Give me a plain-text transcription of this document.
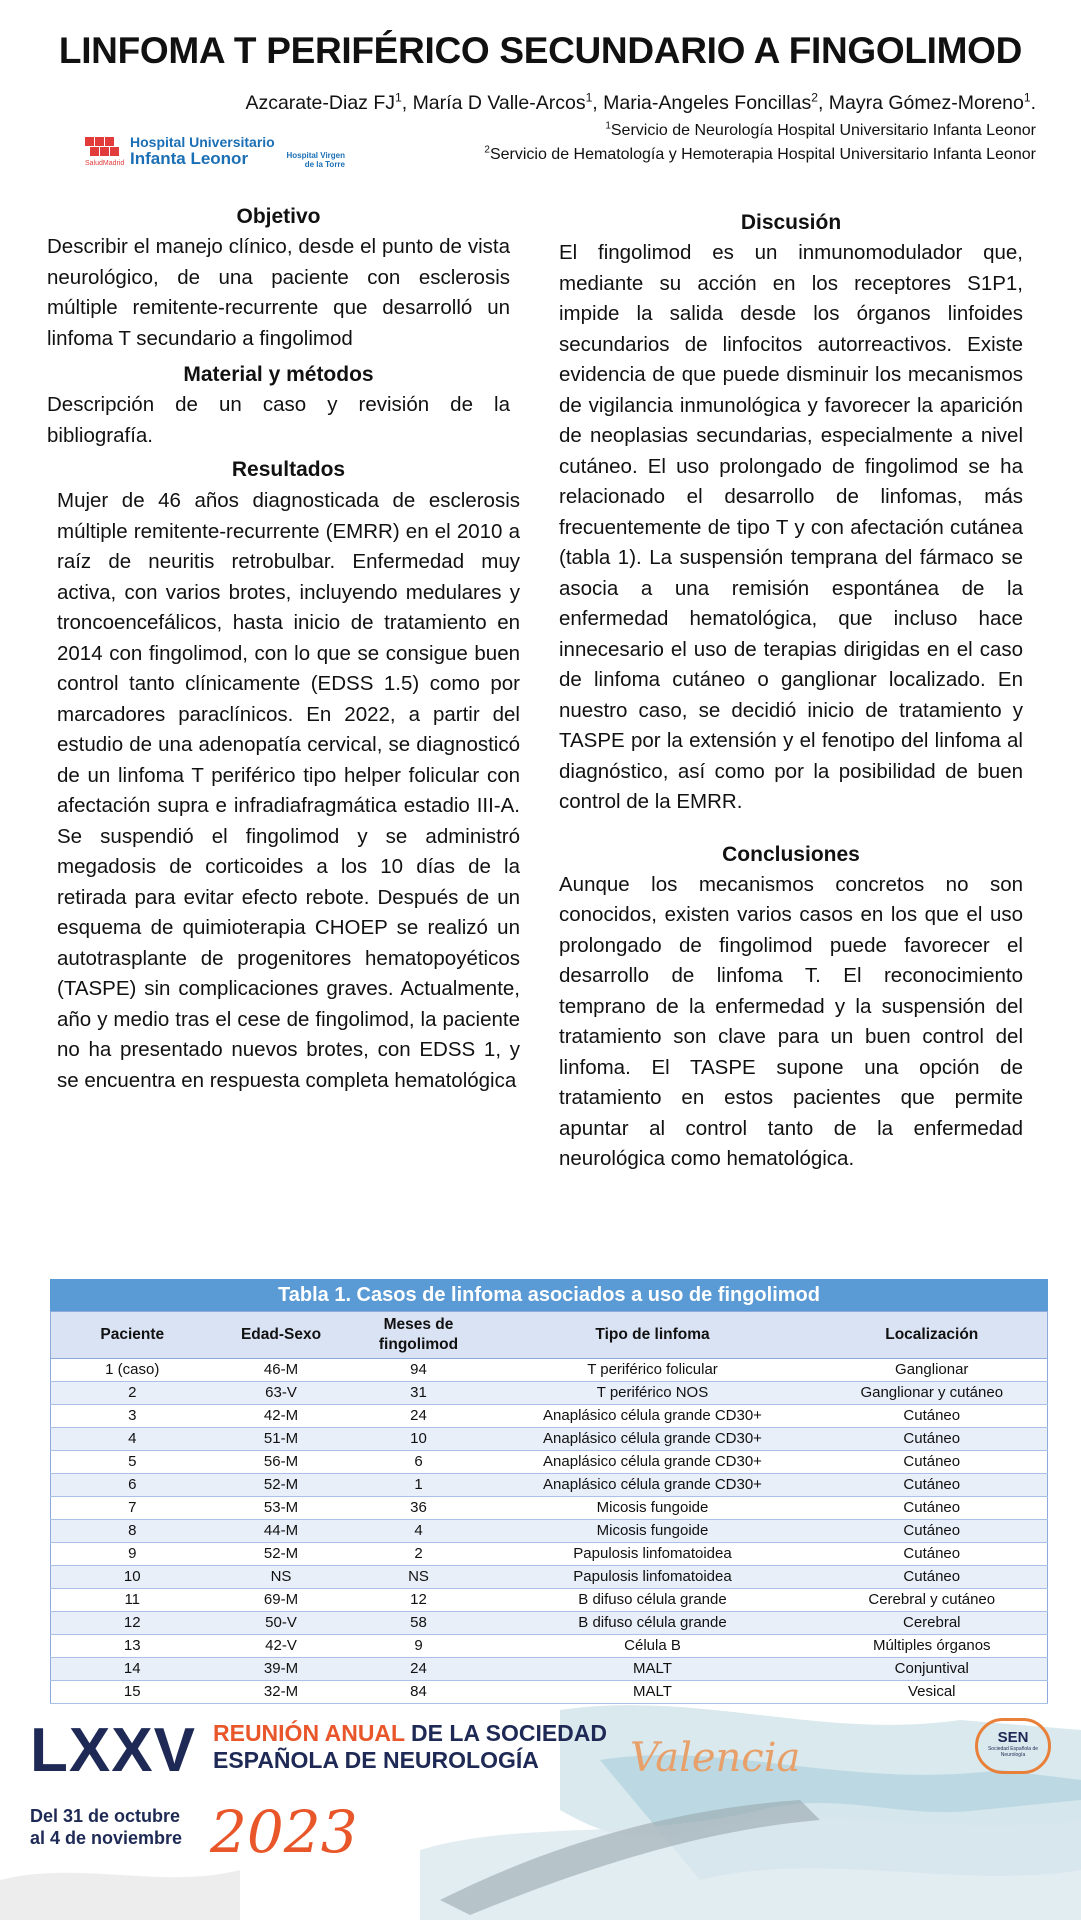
LINFOMA T PERIFÉRICO SECUNDARIO A FINGOLIMOD
Azcarate-Diaz $FJ^1$, María D Valle-Arcos$^1$, Maria-Angeles Foncillas$^2$, Mayra Gómez-Moreno$^1$.
$^1$Servicio de Neurología Hospital Universitario Infanta Leonor
$^2$Servicio de Hematología y Hemoterapia Hospital Universitario Infanta Leonor
SaludMadrid
Hospital Universitario
Infanta Leonor	Hospital Virgen de la Torre
Objetivo

Describir el manejo clínico, desde el punto de vista neurológico, de una paciente con esclerosis múltiple remitente-recurrente que desarrolló un linfoma T secundario a fingolimod

Material y métodos

Descripción de un caso y revisión de la bibliografía.

Resultados

Mujer de 46 años diagnosticada de esclerosis múltiple remitente-recurrente (EMRR) en el 2010 a raíz de neuritis retrobulbar. Enfermedad muy activa, con varios brotes, incluyendo medulares y troncoencefálicos, hasta inicio de tratamiento en 2014 con fingolimod, con lo que se consigue buen control tanto clínicamente (EDSS 1.5) como por marcadores paraclínicos. En 2022, a partir del estudio de una adenopatía cervical, se diagnosticó de un linfoma T periférico tipo helper folicular con afectación supra e infradiafragmática estadio III-A. Se suspendió el fingolimod y se administró megadosis de corticoides a los 10 días de la retirada para evitar efecto rebote. Después de un esquema de quimioterapia CHOEP se realizó un autotrasplante de progenitores hematopoyéticos (TASPE) sin complicaciones graves. Actualmente, año y medio tras el cese de fingolimod, la paciente no ha presentado nuevos brotes, con EDSS 1, y se encuentra en respuesta completa hematológica

Discusión

El fingolimod es un inmunomodulador que, mediante su acción en los receptores S1P1, impide la salida desde los órganos linfoides secundarios de linfocitos autorreactivos. Existe evidencia de que puede disminuir los mecanismos de vigilancia inmunológica y favorecer la aparición de neoplasias secundarias, especialmente a nivel cutáneo. El uso prolongado de fingolimod se ha relacionado el desarrollo de linfomas, más frecuentemente de tipo T y con afectación cutánea (tabla 1). La suspensión temprana del fármaco se asocia a una remisión espontánea de la enfermedad hematológica, que incluso hace innecesario el uso de terapias dirigidas en el caso de linfoma cutáneo o ganglionar localizado. En nuestro caso, se decidió inicio de tratamiento y TASPE por la extensión y el fenotipo del linfoma al diagnóstico, así como por la posibilidad de buen control de la EMRR.

Conclusiones

Aunque los mecanismos concretos no son conocidos, existen varios casos en los que el uso prolongado de fingolimod puede favorecer el desarrollo de linfoma T. El reconocimiento temprano de la enfermedad y la suspensión del tratamiento son clave para un buen control del linfoma. El TASPE supone una opción de tratamiento en estos pacientes que permite apuntar al control tanto de la enfermedad neurológica como hematológica.

Tabla 1. Casos de linfoma asociados a uso de fingolimod
Paciente	Edad-Sexo	Meses de fingolimod	Tipo de linfoma	Localización
1 (caso)	46-M	94	T periférico folicular	Ganglionar
2	63-V	31	T periférico NOS	Ganglionar y cutáneo
3	42-M	24	Anaplásico célula grande CD30+	Cutáneo
4	51-M	10	Anaplásico célula grande CD30+	Cutáneo
5	56-M	6	Anaplásico célula grande CD30+	Cutáneo
6	52-M	1	Anaplásico célula grande CD30+	Cutáneo
7	53-M	36	Micosis fungoide	Cutáneo
8	44-M	4	Micosis fungoide	Cutáneo
9	52-M	2	Papulosis linfomatoidea	Cutáneo
10	NS	NS	Papulosis linfomatoidea	Cutáneo
11	69-M	12	B difuso célula grande	Cerebral y cutáneo
12	50-V	58	B difuso célula grande	Cerebral
13	42-V	9	Célula B	Múltiples órganos
14	39-M	24	MALT	Conjuntival
15	32-M	84	MALT	Vesical
LXXV REUNIÓN ANUAL DE LA SOCIEDAD
ESPAÑOLA DE NEUROLOGÍA	Valencia
Del 31 de octubre
al 4 de noviembre 2023
SEN
Sociedad Española de Neurología
